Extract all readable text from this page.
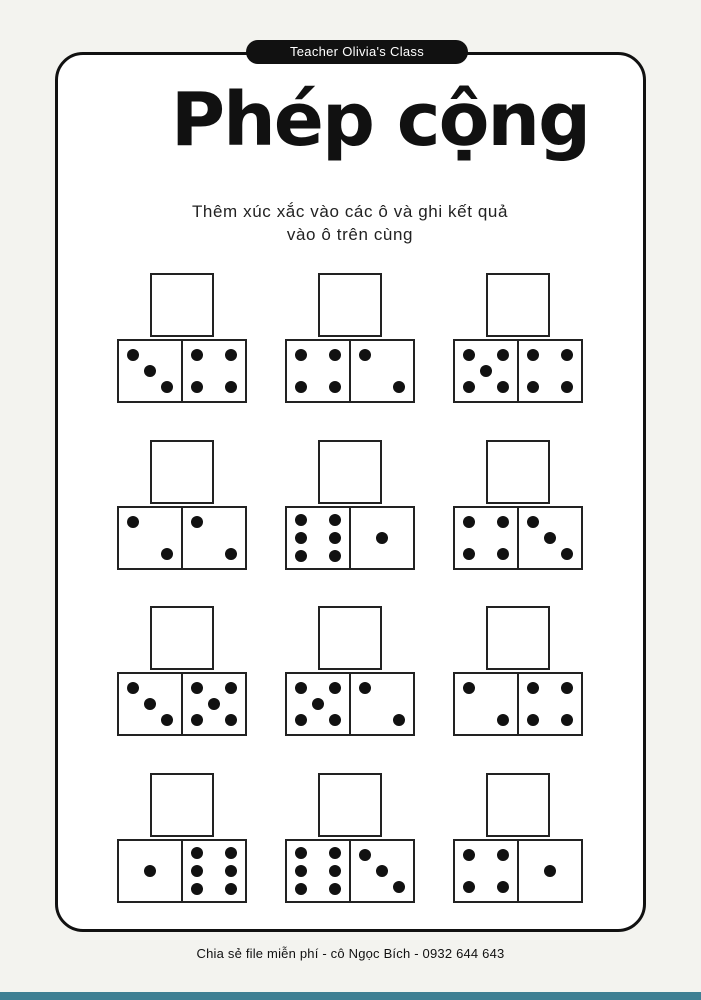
Teacher Olivia's Class
Phép cộng
Thêm xúc xắc vào các ô và ghi kết quả
vào ô trên cùng
Chia sẻ file miễn phí - cô Ngọc Bích - 0932 644 643
